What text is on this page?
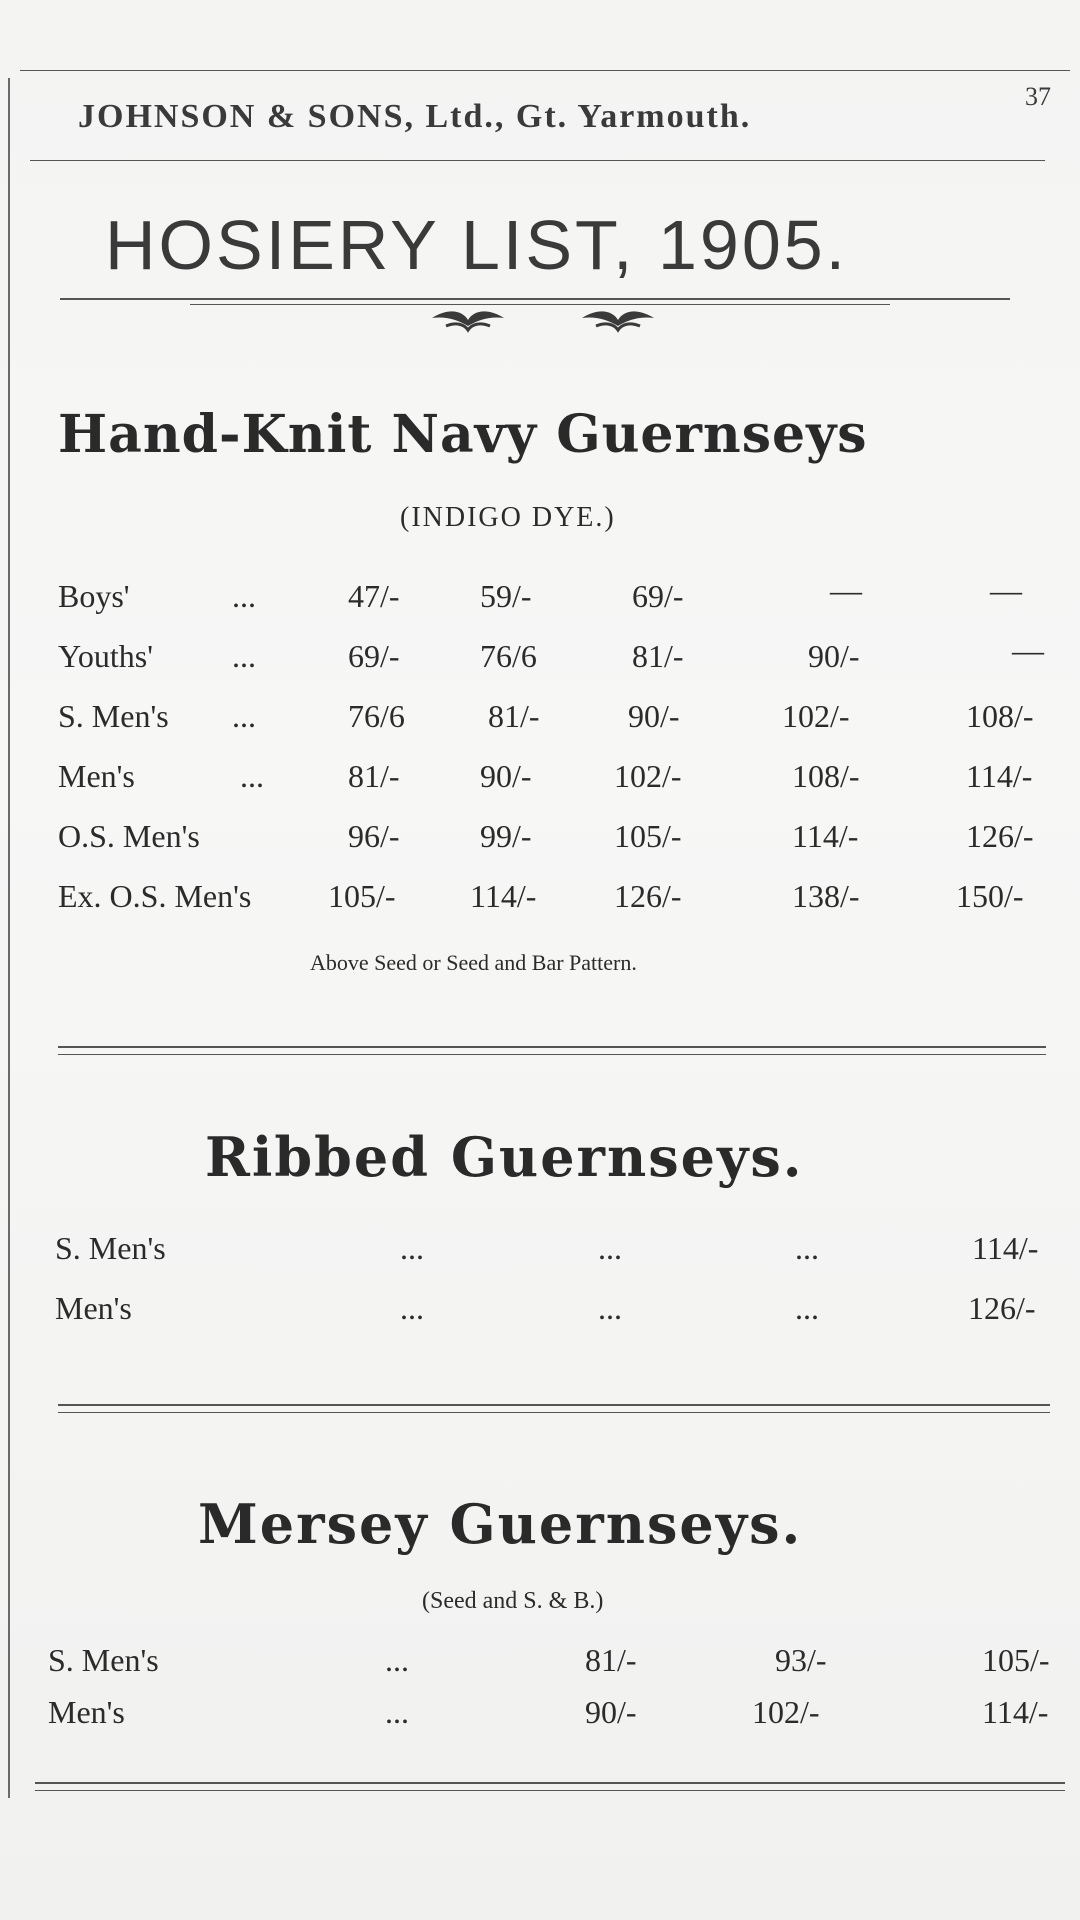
JOHNSON & SONS, Ltd., Gt. Yarmouth.
37
HOSIERY LIST, 1905.
Hand-Knit Navy Guernseys
(INDIGO DYE.)
Boys'	...	47/-	59/-	69/-	—	—
Youths' ...	69/-	76/6	81/-	90/-	—
S. Men's ...	76/6	81/-	90/-	102/-	108/-
Men's	...	81/-	90/-	102/-	108/-	114/-
O.S. Men's	96/-	99/-	105/-	114/-	126/-
Ex. O.S. Men's 105/- 114/- 126/-	138/-	150/-
Above Seed or Seed and Bar Pattern.
Ribbed Guernseys.
S. Men's	...	...	...	114/-
Men's	...	...	...	126/-
Mersey Guernseys.
(Seed and S. & B.)
S. Men's	...	81/-	93/-	105/-
Men's	...	90/-	102/-	114/-
